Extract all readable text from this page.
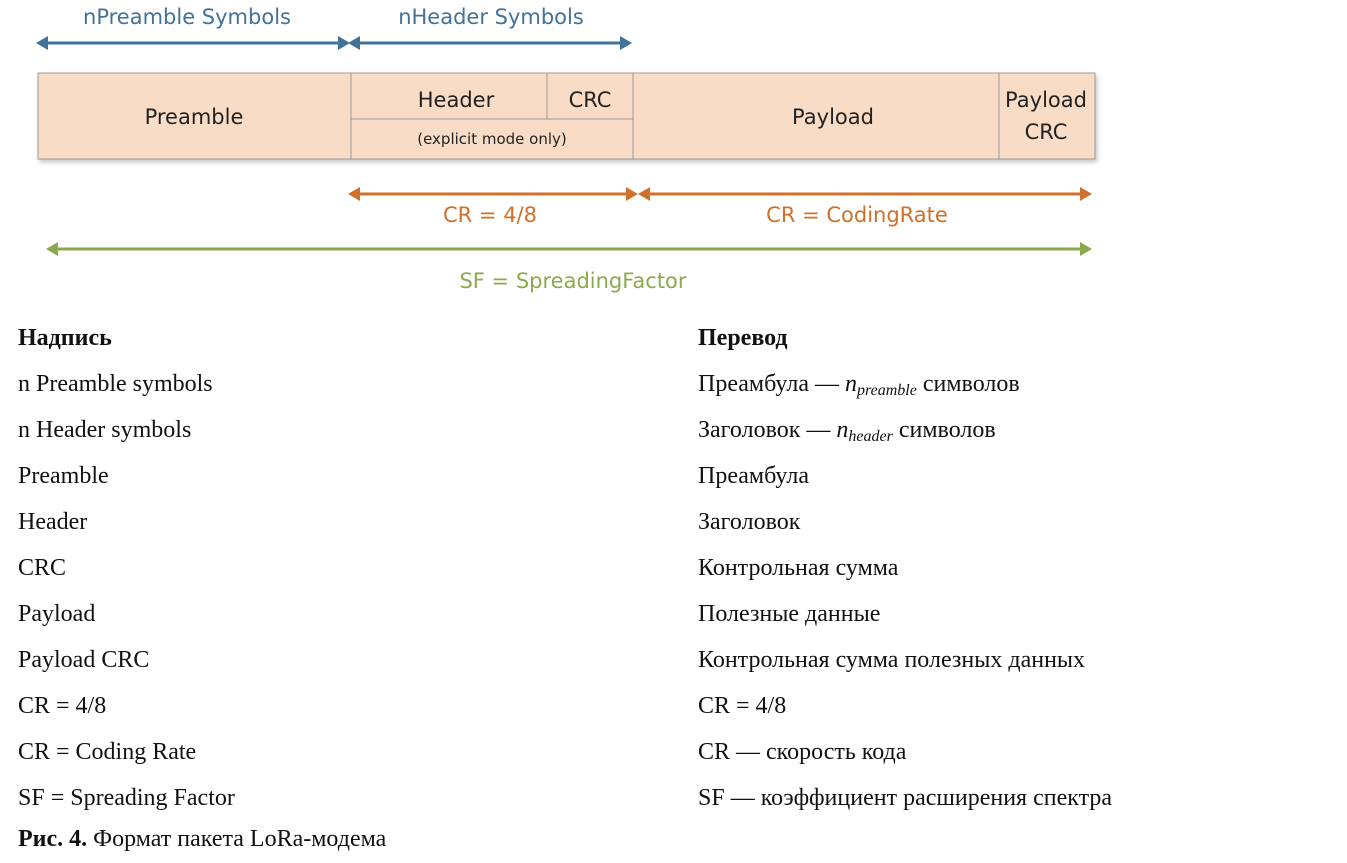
nPreamble Symbols	nHeader Symbols
Preamble
Header	CRC
(explicit mode only)
Payload
Payload
CRC
CR = 4/8	CR = CodingRate
SF = SpreadingFactor
Надпись	Перевод
n Preamble symbols	Преамбула — npreamble символов
n Header symbols	Заголовок — nheader символов
Preamble	Преамбула
Header	Заголовок
CRC	Контрольная сумма
Payload	Полезные данные
Payload CRC	Контрольная сумма полезных данных
CR = 4/8	CR = 4/8
CR = Coding Rate	CR — скорость кода
SF = Spreading Factor	SF — коэффициент расширения спектра
Рис. 4. Формат пакета LoRa-модема
